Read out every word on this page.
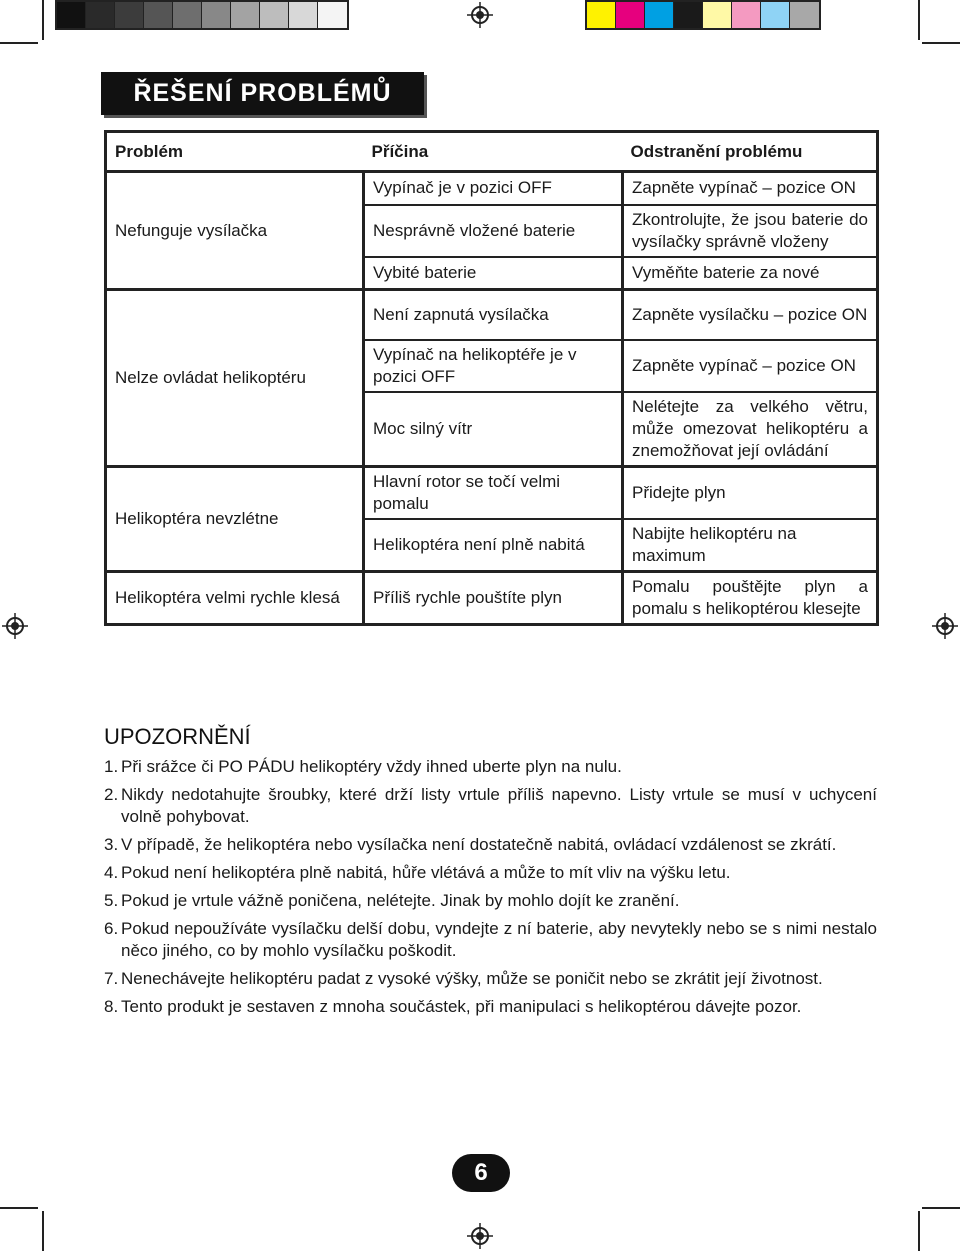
ŘEŠENÍ PROBLÉMŮ
Problém	Příčina	Odstranění problému
Nefunguje vysílačka	Vypínač je v pozici OFF	Zapněte vypínač – pozice ON
	Nesprávně vložené baterie	Zkontrolujte, že jsou baterie do vysílačky správně vloženy
	Vybité baterie	Vyměňte baterie za nové
Nelze ovládat helikoptéru	Není zapnutá vysílačka	Zapněte vysílačku – pozice ON
	Vypínač na helikoptéře je v pozici OFF	Zapněte vypínač – pozice ON
	Moc silný vítr	Nelétejte za velkého větru, může omezovat helikoptéru a znemožňovat její ovládání
Helikoptéra nevzlétne	Hlavní rotor se točí velmi pomalu	Přidejte plyn
	Helikoptéra není plně nabitá	Nabijte helikoptéru na maximum
Helikoptéra velmi rychle klesá	Příliš rychle pouštíte plyn	Pomalu pouštějte plyn a pomalu s helikoptérou klesejte
UPOZORNĚNÍ
1. Při srážce či PO PÁDU helikoptéry vždy ihned uberte plyn na nulu.
2. Nikdy nedotahujte šroubky, které drží listy vrtule příliš napevno. Listy vrtule se musí v uchycení volně pohybovat.
3. V případě, že helikoptéra nebo vysílačka není dostatečně nabitá, ovládací vzdálenost se zkrátí.
4. Pokud není helikoptéra plně nabitá, hůře vlétává a může to mít vliv na výšku letu.
5. Pokud je vrtule vážně poničena, nelétejte. Jinak by mohlo dojít ke zranění.
6. Pokud nepoužíváte vysílačku delší dobu, vyndejte z ní baterie, aby nevytekly nebo se s nimi nestalo něco jiného, co by mohlo vysílačku poškodit.
7. Nenechávejte helikoptéru padat z vysoké výšky, může se poničit nebo se zkrátit její životnost.
8. Tento produkt je sestaven z mnoha součástek, při manipulaci s helikoptérou dávejte pozor.
6
